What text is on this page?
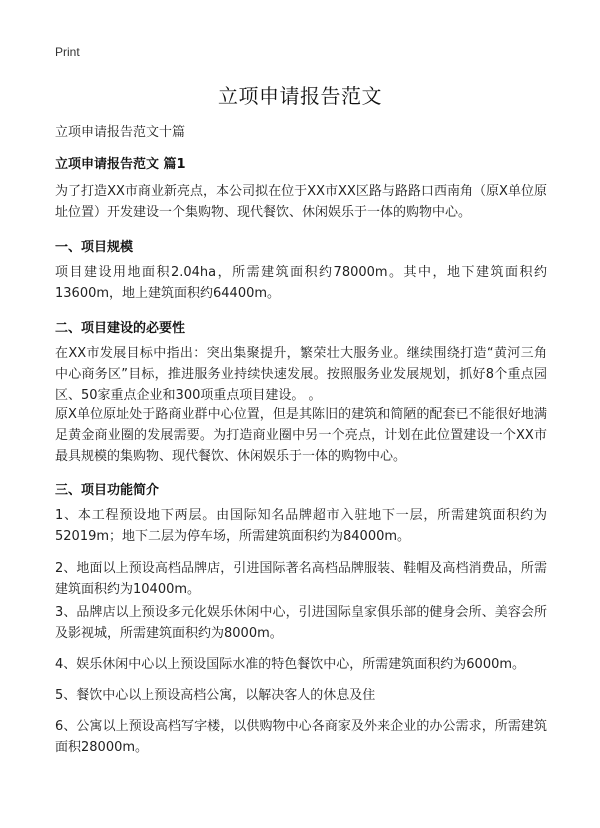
Print
立项申请报告范文
立项申请报告范文十篇
立项申请报告范文 篇1
为了打造XX市商业新亮点，本公司拟在位于XX市XX区路与路路口西南角（原X单位原址位置）开发建设一个集购物、现代餐饮、休闲娱乐于一体的购物中心。
一、项目规模
项目建设用地面积2.04ha，所需建筑面积约78000m。其中，地下建筑面积约13600m，地上建筑面积约64400m。
二、项目建设的必要性
在XX市发展目标中指出：突出集聚提升，繁荣壮大服务业。继续围绕打造“黄河三角中心商务区”目标，推进服务业持续快速发展。按照服务业发展规划，抓好8个重点园区、50家重点企业和300项重点项目建设。 。
原X单位原址处于路商业群中心位置，但是其陈旧的建筑和简陋的配套已不能很好地满足黄金商业圈的发展需要。为打造商业圈中另一个亮点，计划在此位置建设一个XX市最具规模的集购物、现代餐饮、休闲娱乐于一体的购物中心。
三、项目功能简介
1、本工程预设地下两层。由国际知名品牌超市入驻地下一层，所需建筑面积约为52019m；地下二层为停车场，所需建筑面积约为84000m。
2、地面以上预设高档品牌店，引进国际著名高档品牌服装、鞋帽及高档消费品，所需建筑面积约为10400m。
3、品牌店以上预设多元化娱乐休闲中心，引进国际皇家俱乐部的健身会所、美容会所及影视城，所需建筑面积约为8000m。
4、娱乐休闲中心以上预设国际水准的特色餐饮中心，所需建筑面积约为6000m。
5、餐饮中心以上预设高档公寓，以解决客人的休息及住
6、公寓以上预设高档写字楼，以供购物中心各商家及外来企业的办公需求，所需建筑面积28000m。
